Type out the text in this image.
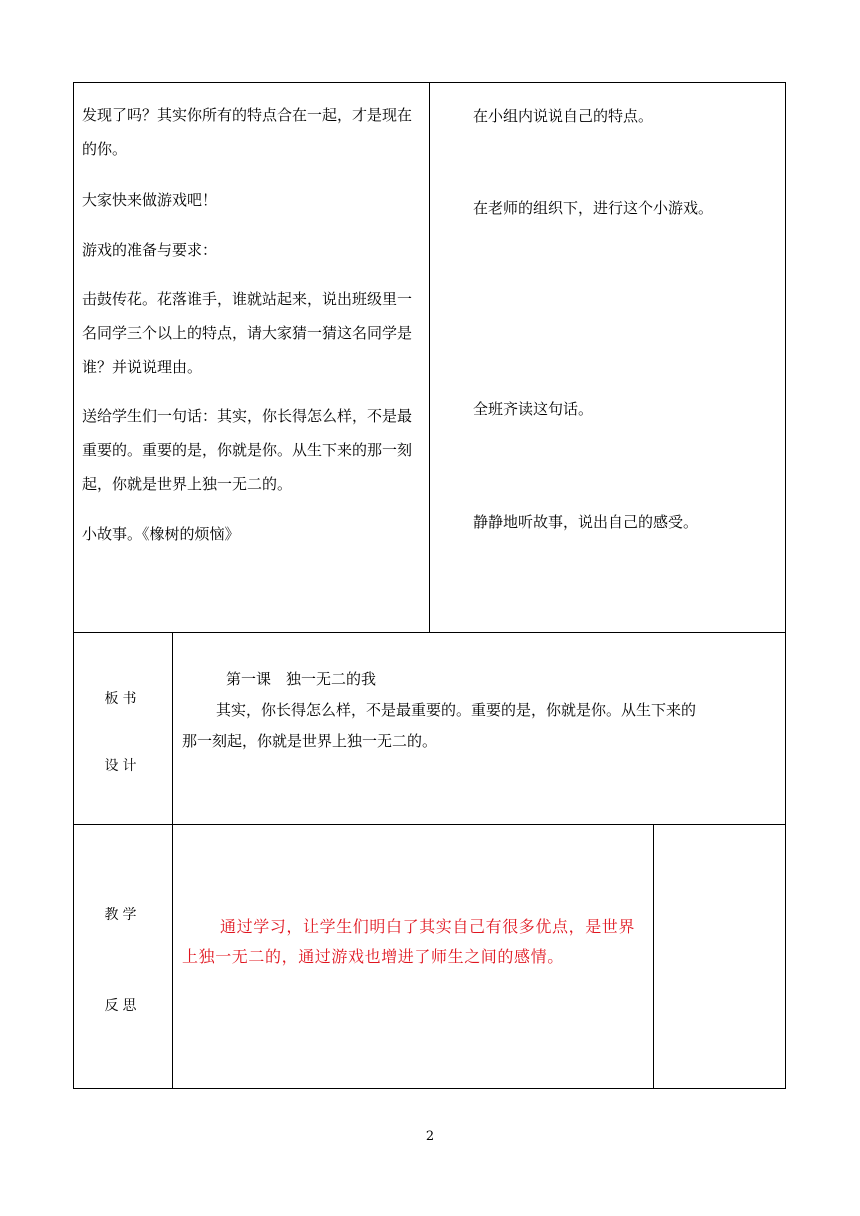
发现了吗？其实你所有的特点合在一起，才是现在的你。
大家快来做游戏吧！
游戏的准备与要求：
击鼓传花。花落谁手，谁就站起来，说出班级里一名同学三个以上的特点，请大家猜一猜这名同学是谁？并说说理由。
送给学生们一句话：其实，你长得怎么样，不是最重要的。重要的是，你就是你。从生下来的那一刻起，你就是世界上独一无二的。
小故事。《橡树的烦恼》
在小组内说说自己的特点。
在老师的组织下，进行这个小游戏。
全班齐读这句话。
静静地听故事，说出自己的感受。
板书
设计
第一课　独一无二的我
其实，你长得怎么样，不是最重要的。重要的是，你就是你。从生下来的
那一刻起，你就是世界上独一无二的。
教学
反思
通过学习，让学生们明白了其实自己有很多优点，是世界上独一无二的，通过游戏也增进了师生之间的感情。
2
